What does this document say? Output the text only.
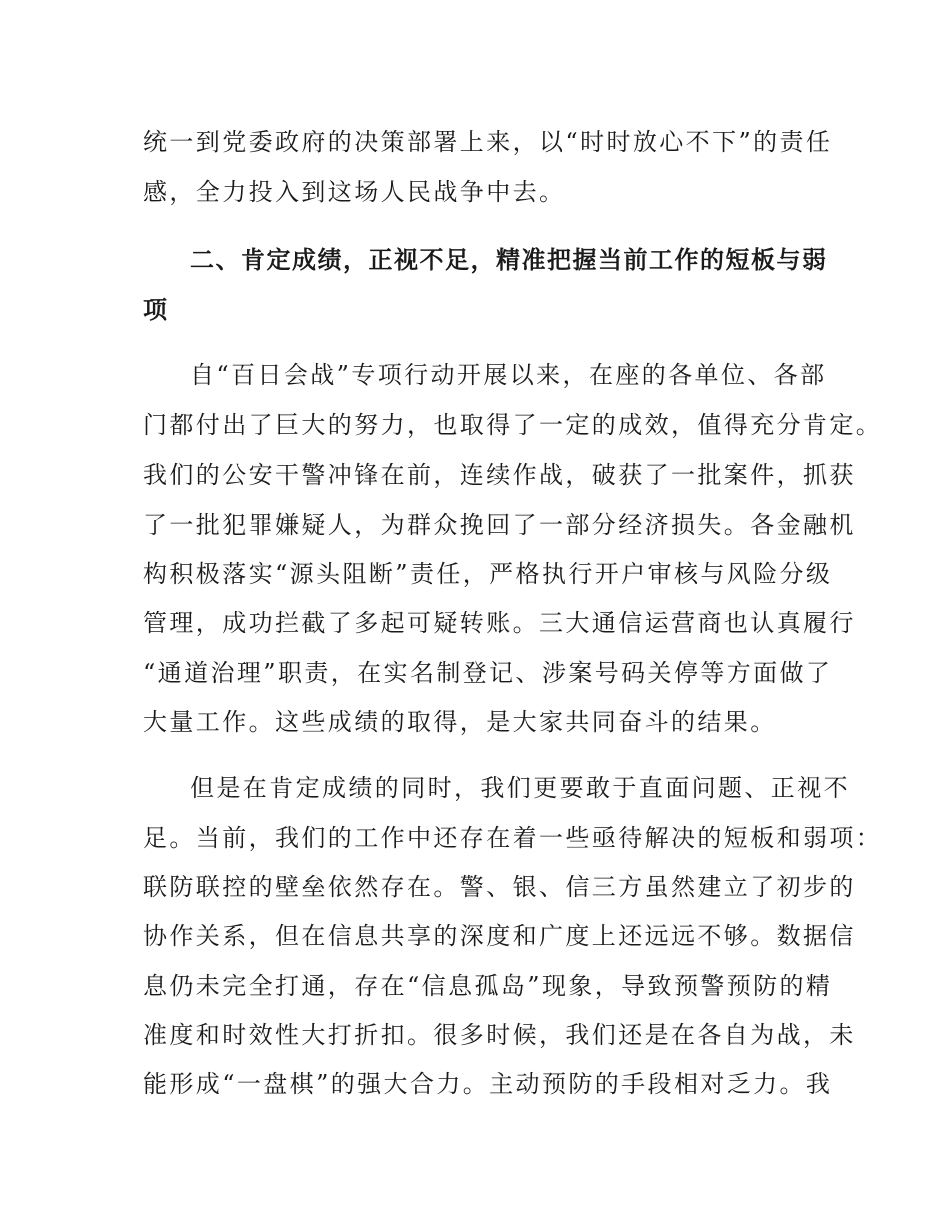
统一到党委政府的决策部署上来，以“时时放心不下”的责任
感，全力投入到这场人民战争中去。
二、肯定成绩，正视不足，精准把握当前工作的短板与弱
项
自“百日会战”专项行动开展以来，在座的各单位、各部
门都付出了巨大的努力，也取得了一定的成效，值得充分肯定。
我们的公安干警冲锋在前，连续作战，破获了一批案件，抓获
了一批犯罪嫌疑人，为群众挽回了一部分经济损失。各金融机
构积极落实“源头阻断”责任，严格执行开户审核与风险分级
管理，成功拦截了多起可疑转账。三大通信运营商也认真履行
“通道治理”职责，在实名制登记、涉案号码关停等方面做了
大量工作。这些成绩的取得，是大家共同奋斗的结果。
但是在肯定成绩的同时，我们更要敢于直面问题、正视不
足。当前，我们的工作中还存在着一些亟待解决的短板和弱项：
联防联控的壁垒依然存在。警、银、信三方虽然建立了初步的
协作关系，但在信息共享的深度和广度上还远远不够。数据信
息仍未完全打通，存在“信息孤岛”现象，导致预警预防的精
准度和时效性大打折扣。很多时候，我们还是在各自为战，未
能形成“一盘棋”的强大合力。主动预防的手段相对乏力。我
